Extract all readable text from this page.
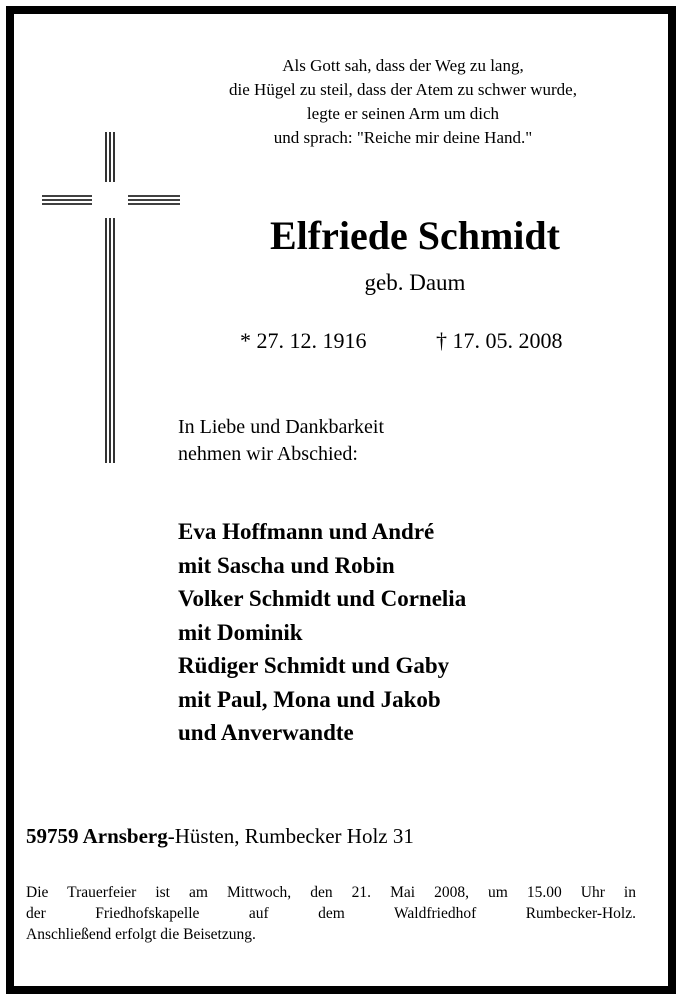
Als Gott sah, dass der Weg zu lang,
die Hügel zu steil, dass der Atem zu schwer wurde,
legte er seinen Arm um dich
und sprach: "Reiche mir deine Hand."
Elfriede Schmidt
geb. Daum
* 27. 12. 1916	† 17. 05. 2008
In Liebe und Dankbarkeit
nehmen wir Abschied:
Eva Hoffmann und André
mit Sascha und Robin
Volker Schmidt und Cornelia
mit Dominik
Rüdiger Schmidt und Gaby
mit Paul, Mona und Jakob
und Anverwandte
59759 Arnsberg-Hüsten, Rumbecker Holz 31
Die Trauerfeier ist am Mittwoch, den 21. Mai 2008, um 15.00 Uhr in
der Friedhofskapelle auf dem Waldfriedhof Rumbecker-Holz.
Anschließend erfolgt die Beisetzung.
